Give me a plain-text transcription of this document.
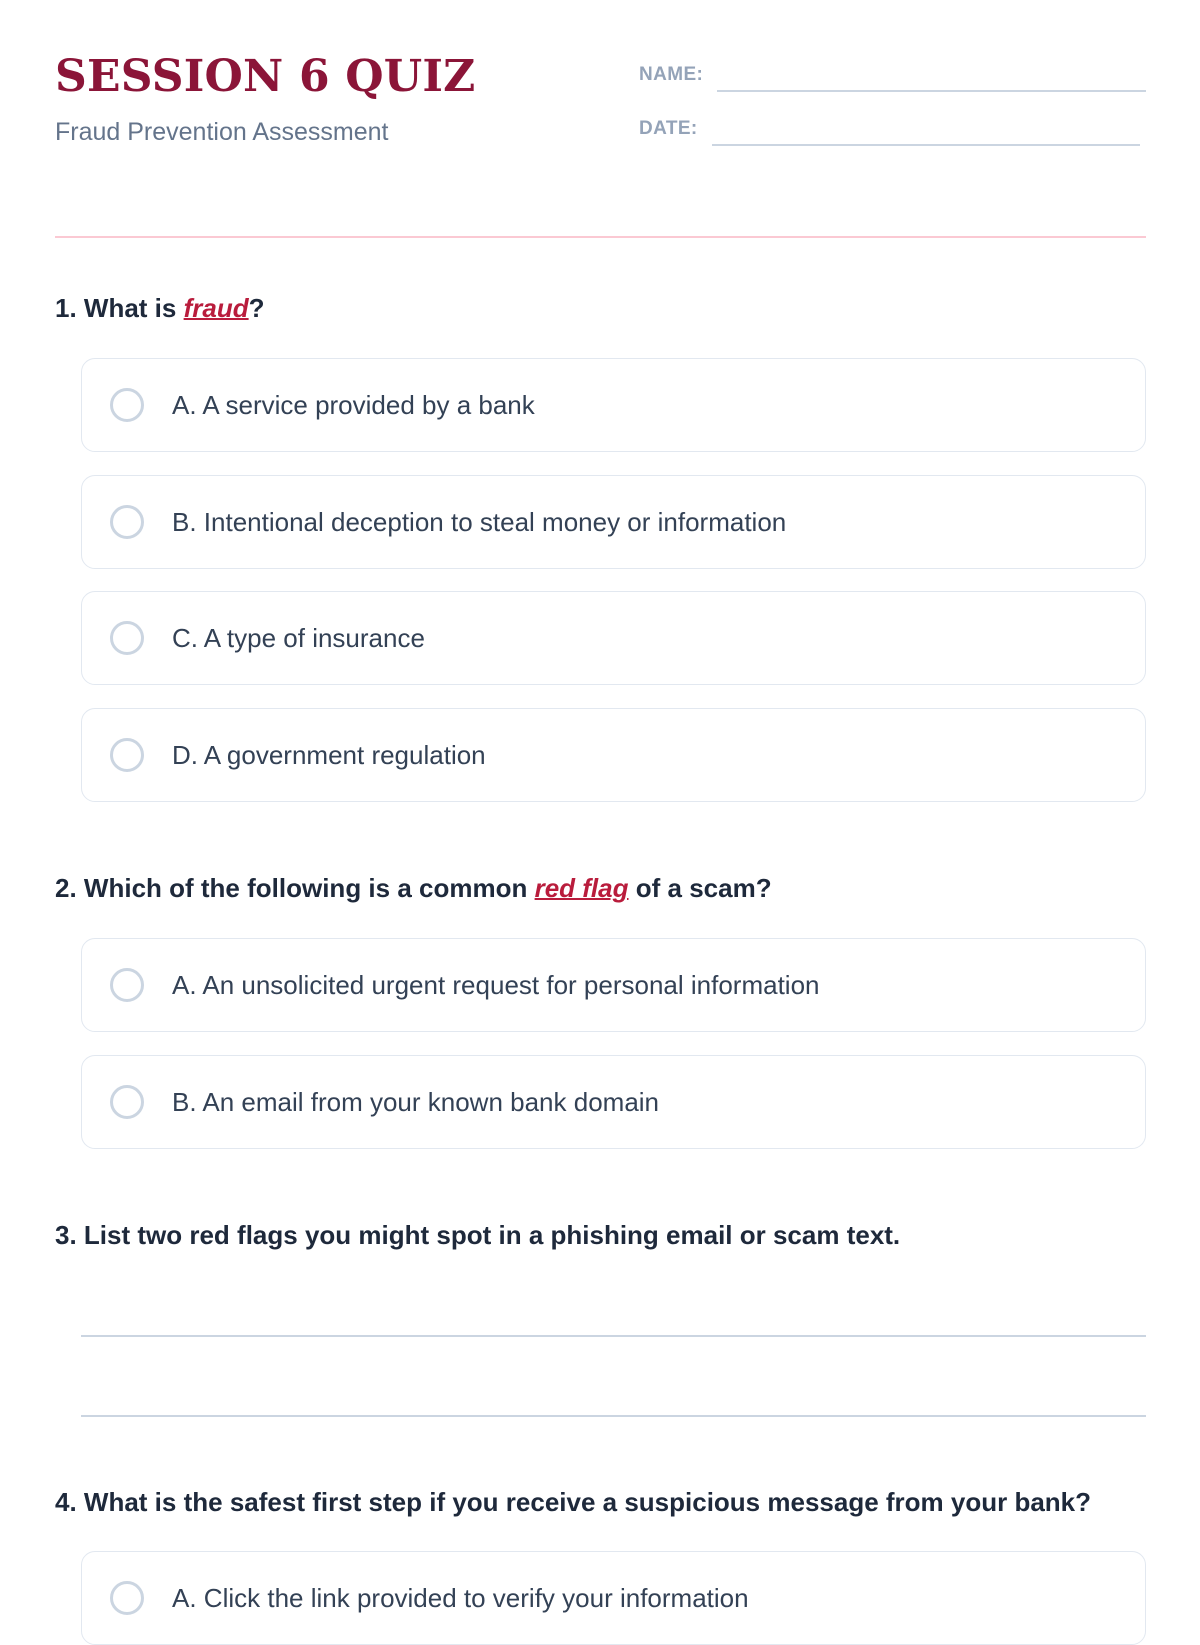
SESSION 6 QUIZ
Fraud Prevention Assessment
NAME:
DATE:

1. What is fraud?

A. A service provided by a bank
B. Intentional deception to steal money or information
C. A type of insurance
D. A government regulation

2. Which of the following is a common red flag of a scam?

A. An unsolicited urgent request for personal information
B. An email from your known bank domain

3. List two red flags you might spot in a phishing email or scam text.

4. What is the safest first step if you receive a suspicious message from your bank?

A. Click the link provided to verify your information
